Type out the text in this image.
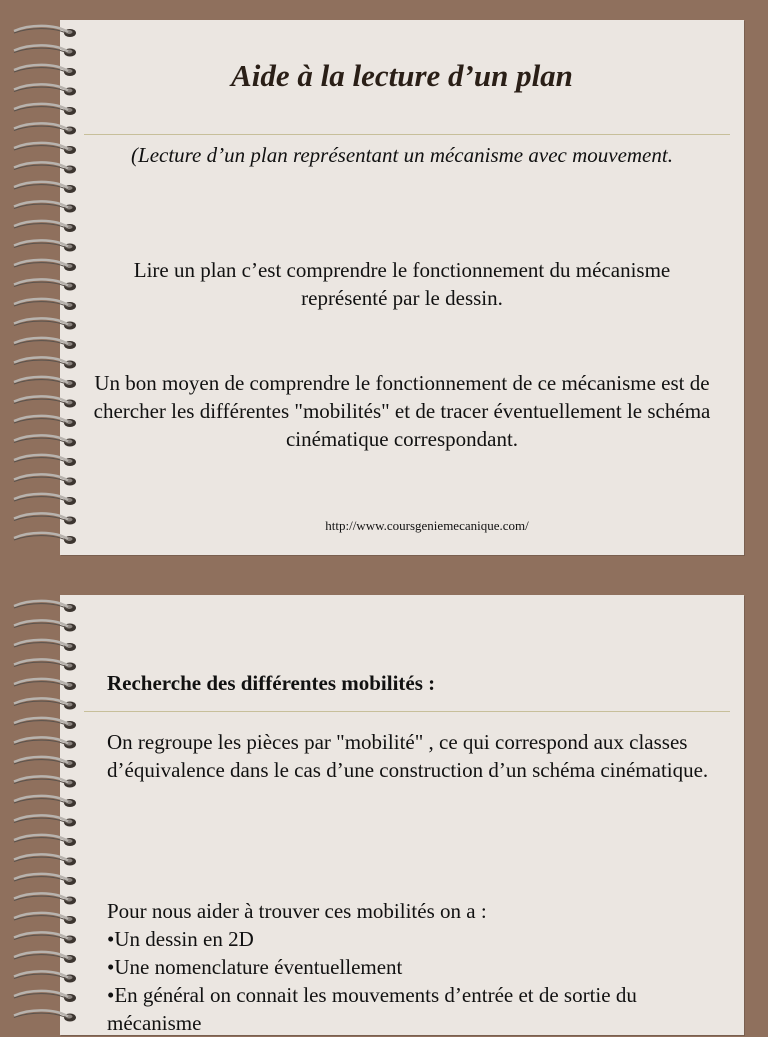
Aide à la lecture d’un plan
(Lecture d’un plan représentant un mécanisme avec mouvement.
Lire un plan c’est comprendre le fonctionnement du mécanisme représenté par le dessin.
Un bon moyen de comprendre le fonctionnement de ce mécanisme est de chercher les différentes "mobilités" et de tracer éventuellement le schéma cinématique correspondant.
http://www.coursgeniemecanique.com/
Recherche des différentes mobilités :
On regroupe les pièces par "mobilité" , ce qui correspond aux classes d’équivalence dans le cas d’une construction d’un schéma cinématique.
Pour nous aider à trouver ces mobilités on a :
•Un dessin en 2D
•Une nomenclature éventuellement
•En général on connait les mouvements d’entrée et de sortie du mécanisme
